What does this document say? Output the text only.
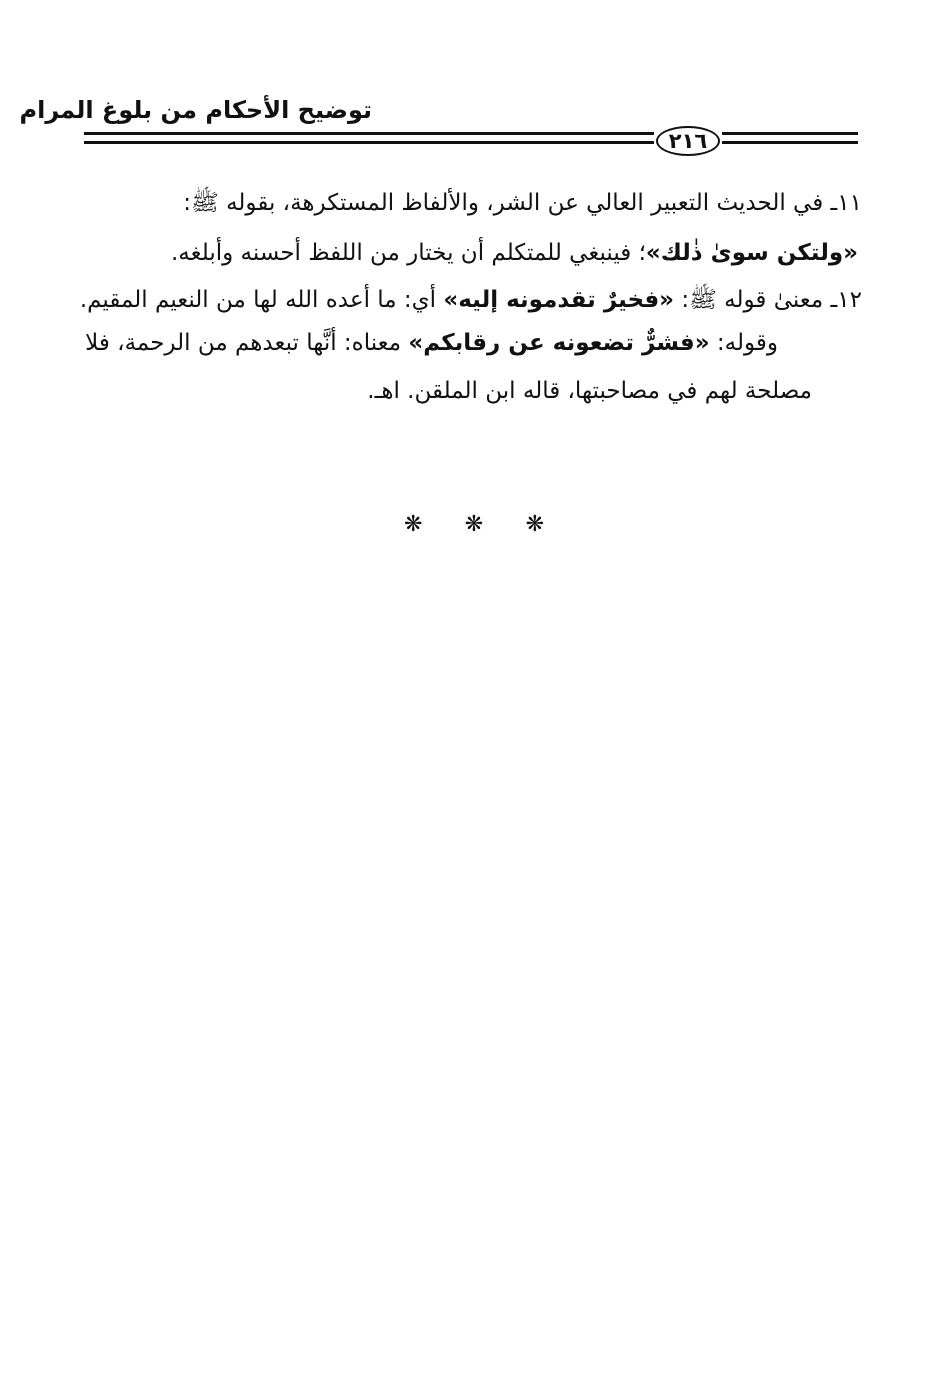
توضيح الأحكام من بلوغ المرام
٢١٦
١١ـ في الحديث التعبير العالي عن الشر، والألفاظ المستكرهة، بقوله ﷺ:
«ولتكن سوىٰ ذٰلك»؛ فينبغي للمتكلم أن يختار من اللفظ أحسنه وأبلغه.
١٢ـ معنىٰ قوله ﷺ: «فخيرٌ تقدمونه إليه» أي: ما أعده الله لها من النعيم المقيم.
وقوله: «فشرٌّ تضعونه عن رقابكم» معناه: أنَّها تبعدهم من الرحمة، فلا
مصلحة لهم في مصاحبتها، قاله ابن الملقن. اهـ.
❋ ❋ ❋
